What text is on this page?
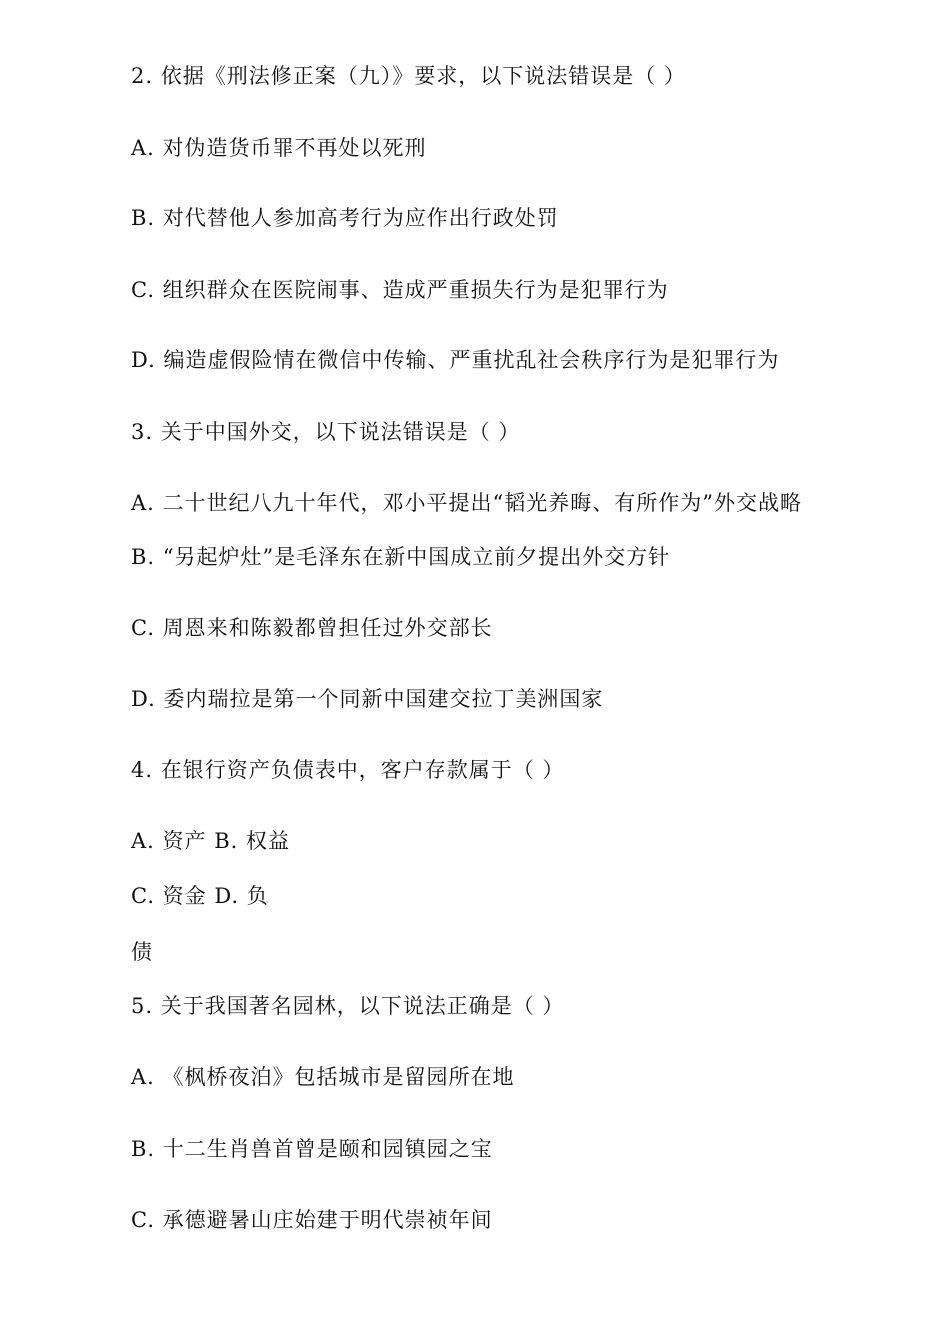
2. 依据《刑法修正案（九）》要求，以下说法错误是（ ）
A. 对伪造货币罪不再处以死刑
B. 对代替他人参加高考行为应作出行政处罚
C. 组织群众在医院闹事、造成严重损失行为是犯罪行为
D. 编造虚假险情在微信中传输、严重扰乱社会秩序行为是犯罪行为
3. 关于中国外交，以下说法错误是（ ）
A. 二十世纪八九十年代，邓小平提出“韬光养晦、有所作为”外交战略
B. “另起炉灶”是毛泽东在新中国成立前夕提出外交方针
C. 周恩来和陈毅都曾担任过外交部长
D. 委内瑞拉是第一个同新中国建交拉丁美洲国家
4. 在银行资产负债表中，客户存款属于（ ）
A. 资产 B. 权益
C. 资金 D. 负
债
5. 关于我国著名园林，以下说法正确是（ ）
A. 《枫桥夜泊》包括城市是留园所在地
B. 十二生肖兽首曾是颐和园镇园之宝
C. 承德避暑山庄始建于明代崇祯年间
